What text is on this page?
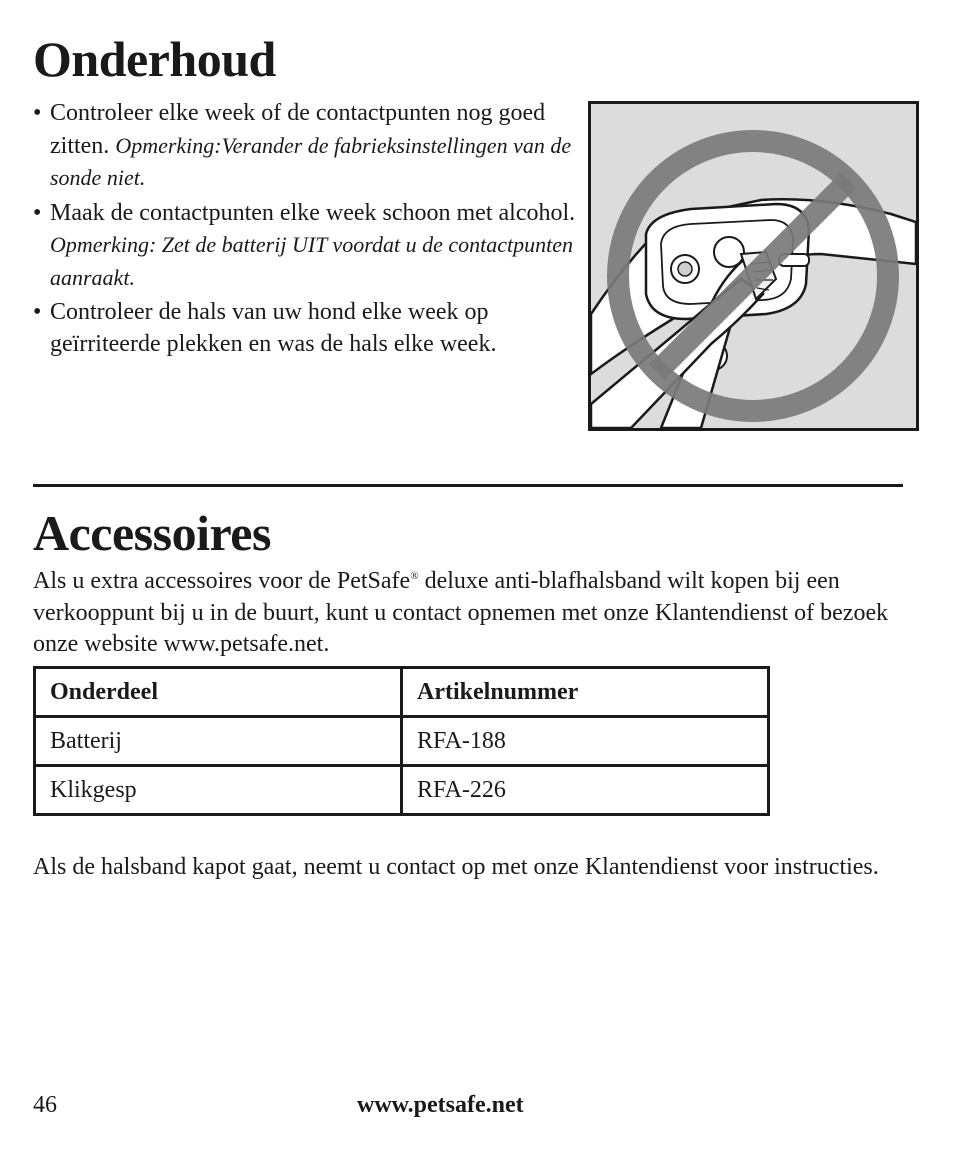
Onderhoud
• Controleer elke week of de contactpunten nog goed zitten. Opmerking:Verander de fabrieksinstellingen van de sonde niet.
• Maak de contactpunten elke week schoon met alcohol. Opmerking: Zet de batterij UIT voordat u de contactpunten aanraakt.
• Controleer de hals van uw hond elke week op geïrriteerde plekken en was de hals elke week.
Accessoires
Als u extra accessoires voor de PetSafe® deluxe anti-blafhalsband wilt kopen bij een verkooppunt bij u in de buurt, kunt u contact opnemen met onze Klantendienst of bezoek onze website www.petsafe.net.
Onderdeel	Artikelnummer
Batterij	RFA-188
Klikgesp	RFA-226
Als de halsband kapot gaat, neemt u contact op met onze Klantendienst voor instructies.
46	www.petsafe.net
